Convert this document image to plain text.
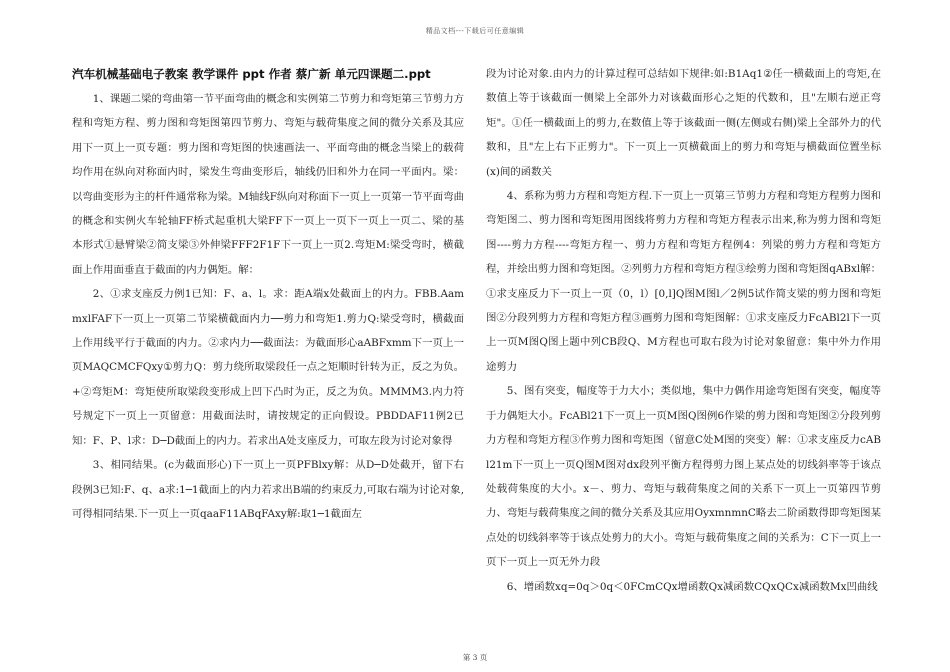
精品文档---下载后可任意编辑
汽车机械基础电子教案 教学课件 ppt 作者 蔡广新 单元四课题二.ppt

1、课题二梁的弯曲第一节平面弯曲的概念和实例第二节剪力和弯矩第三节剪力方程和弯矩方程、剪力图和弯矩图第四节剪力、弯矩与载荷集度之间的微分关系及其应用下一页上一页专题：剪力图和弯矩图的快速画法一、平面弯曲的概念当梁上的载荷均作用在纵向对称面内时，梁发生弯曲变形后，轴线仍旧和外力在同一平面内。梁：以弯曲变形为主的杆件通常称为梁。M轴线F纵向对称面下一页上一页第一节平面弯曲的概念和实例火车轮轴FF桥式起重机大梁FF下一页上一页下一页上一页二、梁的基本形式①悬臂梁②简支梁③外伸梁FFF2F1F下一页上一页2.弯矩M:梁受弯时，横截面上作用面垂直于截面的内力偶矩。解：

2、①求支座反力例1已知：F、a、l。求：距A端x处截面上的内力。FBB.AammxlFAF下一页上一页第二节梁横截面内力──剪力和弯矩1.剪力Q:梁受弯时，横截面上作用线平行于截面的内力。②求内力──截面法：为截面形心aABFxmm下一页上一页MAQCMCFQxy①剪力Q：剪力绕所取梁段任一点之矩顺时针转为正，反之为负。+②弯矩M：弯矩使所取梁段变形成上凹下凸时为正，反之为负。MMMM3.内力符号规定下一页上一页留意：用截面法时，请按规定的正向假设。PBDDAF11例2已知：F、P、l求：D─D截面上的内力。若求出A处支座反力，可取左段为讨论对象得

3、相同结果。(c为截面形心)下一页上一页PFBlxy解：从D─D处截开，留下右段例3已知:F、q、a求:1─1截面上的内力若求出B端的约束反力,可取右端为讨论对象,可得相同结果.下一页上一页qaaF11ABqFAxy解:取1─1截面左

段为讨论对象.由内力的计算过程可总结如下规律:如:B1Aq1②任一横截面上的弯矩,在数值上等于该截面一侧梁上全部外力对该截面形心之矩的代数和，且"左顺右逆正弯矩"。①任一横截面上的剪力,在数值上等于该截面一侧(左侧或右侧)梁上全部外力的代数和，且"左上右下正剪力"。下一页上一页横截面上的剪力和弯矩与横截面位置坐标(x)间的函数关

4、系称为剪力方程和弯矩方程.下一页上一页第三节剪力方程和弯矩方程剪力图和弯矩图二、剪力图和弯矩图用图线将剪力方程和弯矩方程表示出来,称为剪力图和弯矩图----剪力方程----弯矩方程一、剪力方程和弯矩方程例4：列梁的剪力方程和弯矩方程，并绘出剪力图和弯矩图。②列剪力方程和弯矩方程③绘剪力图和弯矩图qABxl解：①求支座反力下一页上一页（0，l）[0,l]Q图M图l／2例5试作简支梁的剪力图和弯矩图②分段列剪力方程和弯矩方程③画剪力图和弯矩图解：①求支座反力FcABl2l下一页上一页M图Q图上题中列CB段Q、M方程也可取右段为讨论对象留意：集中外力作用途剪力

5、图有突变，幅度等于力大小；类似地，集中力偶作用途弯矩图有突变，幅度等于力偶矩大小。FcABl21下一页上一页M图Q图例6作梁的剪力图和弯矩图②分段列剪力方程和弯矩方程③作剪力图和弯矩图（留意C处M图的突变）解：①求支座反力cABl21m下一页上一页Q图M图对dx段列平衡方程得剪力图上某点处的切线斜率等于该点处载荷集度的大小。x－、剪力、弯矩与载荷集度之间的关系下一页上一页第四节剪力、弯矩与载荷集度之间的微分关系及其应用OyxmnmnC略去二阶函数得即弯矩图某点处的切线斜率等于该点处剪力的大小。弯矩与载荷集度之间的关系为：C下一页上一页下一页上一页无外力段

6、增函数xq=0q＞0q＜0FCmCQx增函数Qx减函数CQxQCx减函数Mx凹曲线

第 3 页
